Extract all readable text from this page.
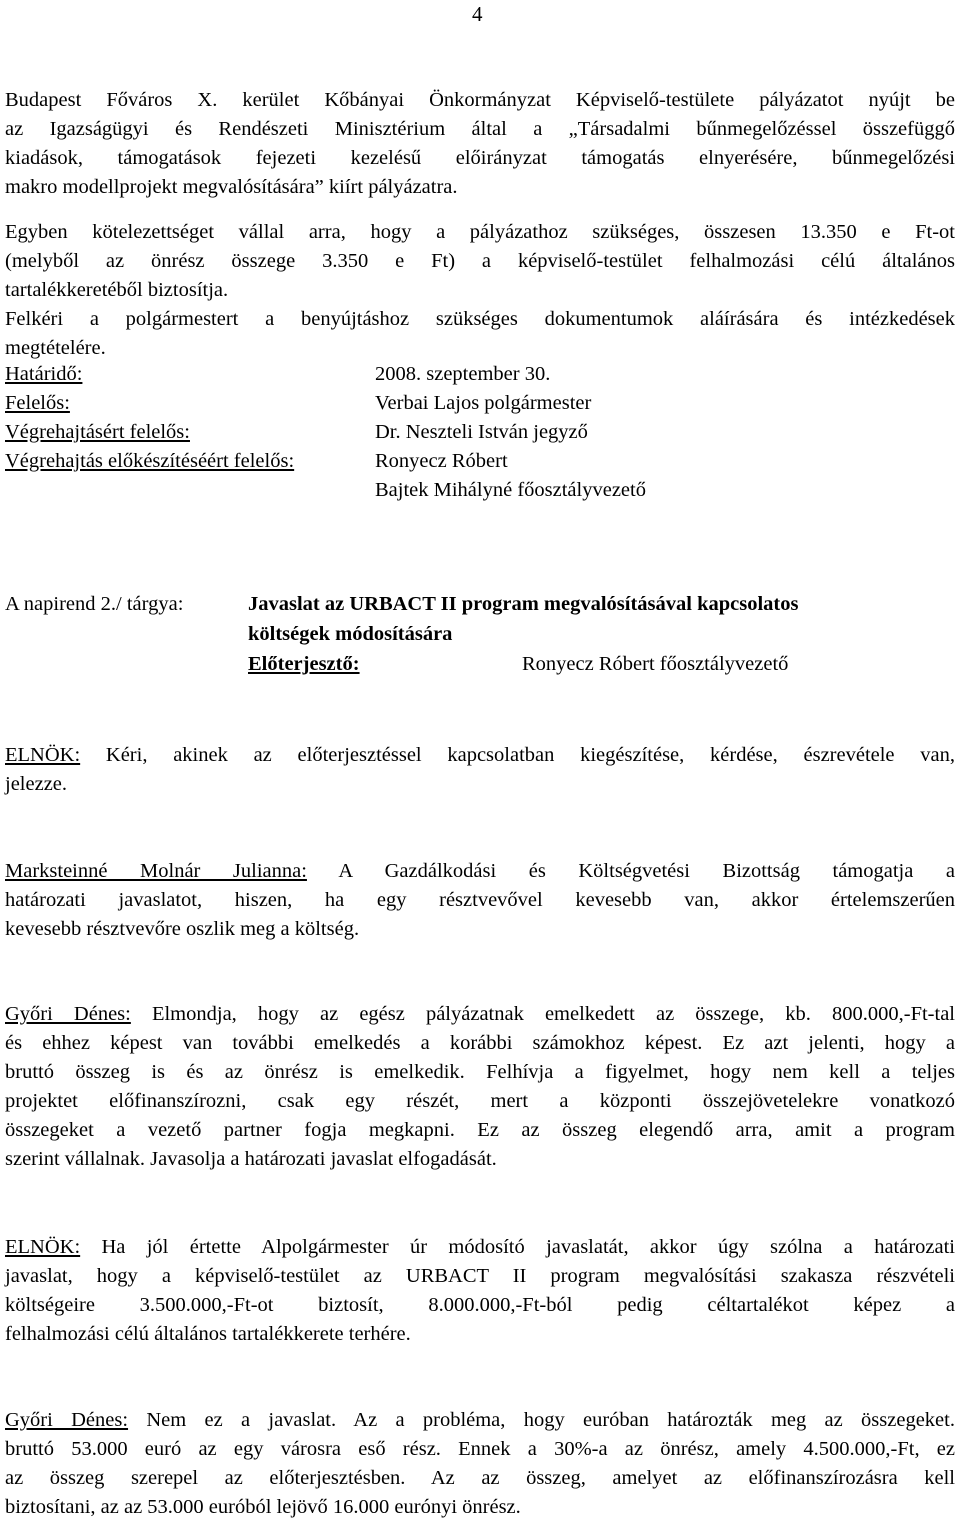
4
Budapest Főváros X. kerület Kőbányai Önkormányzat Képviselő-testülete pályázatot nyújt be
az Igazságügyi és Rendészeti Minisztérium által a „Társadalmi bűnmegelőzéssel összefüggő
kiadások, támogatások fejezeti kezelésű előirányzat támogatás elnyerésére, bűnmegelőzési
makro modellprojekt megvalósítására” kiírt pályázatra.
Egyben kötelezettséget vállal arra, hogy a pályázathoz szükséges, összesen 13.350 e Ft-ot
(melyből az önrész összege 3.350 e Ft) a képviselő-testület felhalmozási célú általános
tartalékkeretéből biztosítja.
Felkéri a polgármestert a benyújtáshoz szükséges dokumentumok aláírására és intézkedések
megtételére.
Határidő:	2008. szeptember 30.
Felelős:	Verbai Lajos polgármester
Végrehajtásért felelős:	Dr. Neszteli István jegyző
Végrehajtás előkészítéséért felelős:	Ronyecz Róbert
Bajtek Mihályné főosztályvezető
A napirend 2./ tárgya:	Javaslat az URBACT II program megvalósításával kapcsolatos
költségek módosítására
Előterjesztő:	Ronyecz Róbert főosztályvezető
ELNÖK: Kéri, akinek az előterjesztéssel kapcsolatban kiegészítése, kérdése, észrevétele van,
jelezze.
Marksteinné Molnár Julianna: A Gazdálkodási és Költségvetési Bizottság támogatja a
határozati javaslatot, hiszen, ha egy résztvevővel kevesebb van, akkor értelemszerűen
kevesebb résztvevőre oszlik meg a költség.
Győri Dénes: Elmondja, hogy az egész pályázatnak emelkedett az összege, kb. 800.000,-Ft-tal
és ehhez képest van további emelkedés a korábbi számokhoz képest. Ez azt jelenti, hogy a
bruttó összeg is és az önrész is emelkedik. Felhívja a figyelmet, hogy nem kell a teljes
projektet előfinanszírozni, csak egy részét, mert a központi összejövetelekre vonatkozó
összegeket a vezető partner fogja megkapni. Ez az összeg elegendő arra, amit a program
szerint vállalnak. Javasolja a határozati javaslat elfogadását.
ELNÖK: Ha jól értette Alpolgármester úr módosító javaslatát, akkor úgy szólna a határozati
javaslat, hogy a képviselő-testület az URBACT II program megvalósítási szakasza részvételi
költségeire 3.500.000,-Ft-ot biztosít, 8.000.000,-Ft-ból pedig céltartalékot képez a
felhalmozási célú általános tartalékkerete terhére.
Győri Dénes: Nem ez a javaslat. Az a probléma, hogy euróban határozták meg az összegeket.
bruttó 53.000 euró az egy városra eső rész. Ennek a 30%-a az önrész, amely 4.500.000,-Ft, ez
az összeg szerepel az előterjesztésben. Az az összeg, amelyet az előfinanszírozásra kell
biztosítani, az az 53.000 euróból lejövő 16.000 eurónyi önrész.
